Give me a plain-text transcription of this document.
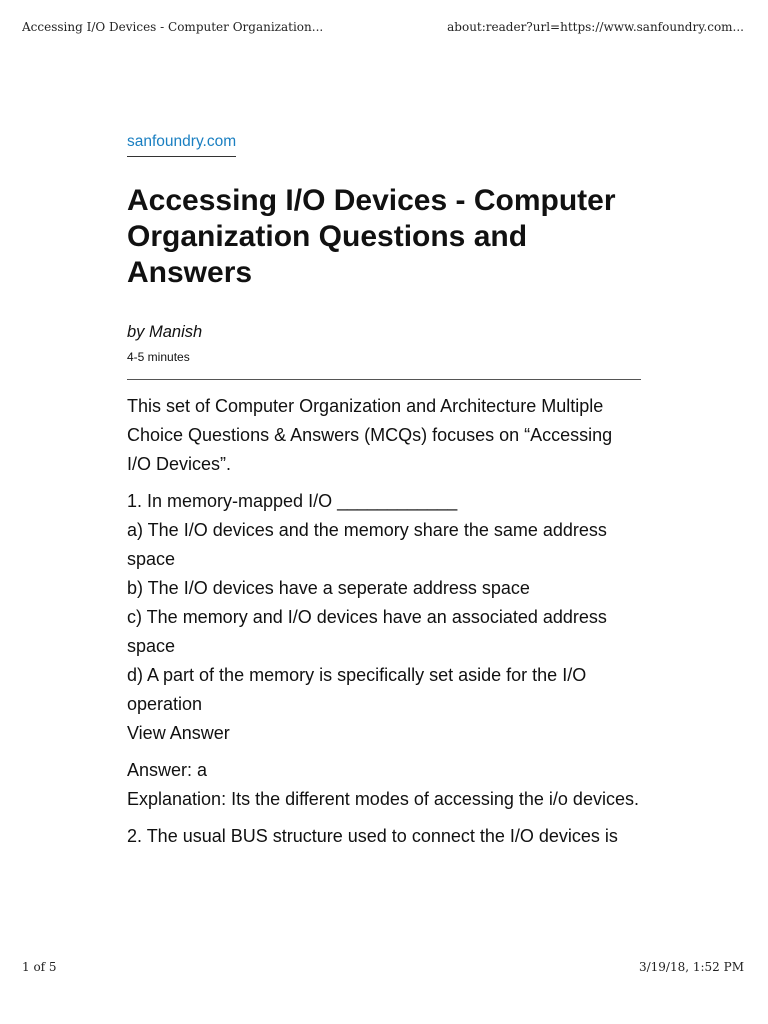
Accessing I/O Devices - Computer Organization...	about:reader?url=https://www.sanfoundry.com...
sanfoundry.com
Accessing I/O Devices - Computer Organization Questions and Answers
by Manish
4-5 minutes

This set of Computer Organization and Architecture Multiple Choice Questions & Answers (MCQs) focuses on “Accessing I/O Devices”.

1. In memory-mapped I/O ____________
a) The I/O devices and the memory share the same address space
b) The I/O devices have a seperate address space
c) The memory and I/O devices have an associated address space
d) A part of the memory is specifically set aside for the I/O operation
View Answer

Answer: a
Explanation: Its the different modes of accessing the i/o devices.

2. The usual BUS structure used to connect the I/O devices is

1 of 5	3/19/18, 1:52 PM
